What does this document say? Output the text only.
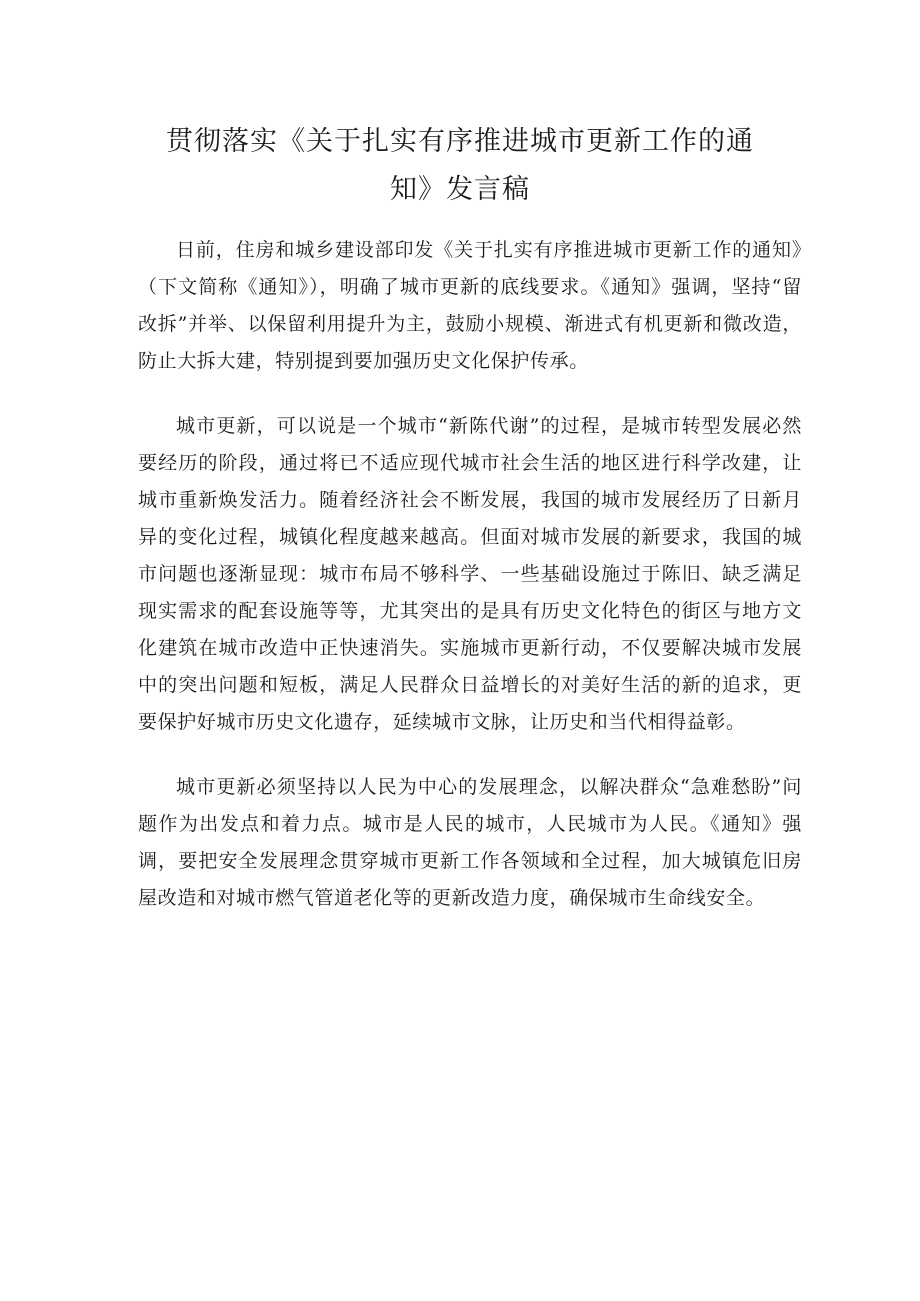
贯彻落实《关于扎实有序推进城市更新工作的通
知》发言稿

日前，住房和城乡建设部印发《关于扎实有序推进城市更新工作的通知》（下文简称《通知》），明确了城市更新的底线要求。《通知》强调，坚持“留改拆”并举、以保留利用提升为主，鼓励小规模、渐进式有机更新和微改造，防止大拆大建，特别提到要加强历史文化保护传承。

城市更新，可以说是一个城市“新陈代谢”的过程，是城市转型发展必然要经历的阶段，通过将已不适应现代城市社会生活的地区进行科学改建，让城市重新焕发活力。随着经济社会不断发展，我国的城市发展经历了日新月异的变化过程，城镇化程度越来越高。但面对城市发展的新要求，我国的城市问题也逐渐显现：城市布局不够科学、一些基础设施过于陈旧、缺乏满足现实需求的配套设施等等，尤其突出的是具有历史文化特色的街区与地方文化建筑在城市改造中正快速消失。实施城市更新行动，不仅要解决城市发展中的突出问题和短板，满足人民群众日益增长的对美好生活的新的追求，更要保护好城市历史文化遗存，延续城市文脉，让历史和当代相得益彰。

城市更新必须坚持以人民为中心的发展理念，以解决群众“急难愁盼”问题作为出发点和着力点。城市是人民的城市，人民城市为人民。《通知》强调，要把安全发展理念贯穿城市更新工作各领域和全过程，加大城镇危旧房屋改造和对城市燃气管道老化等的更新改造力度，确保城市生命线安全。
